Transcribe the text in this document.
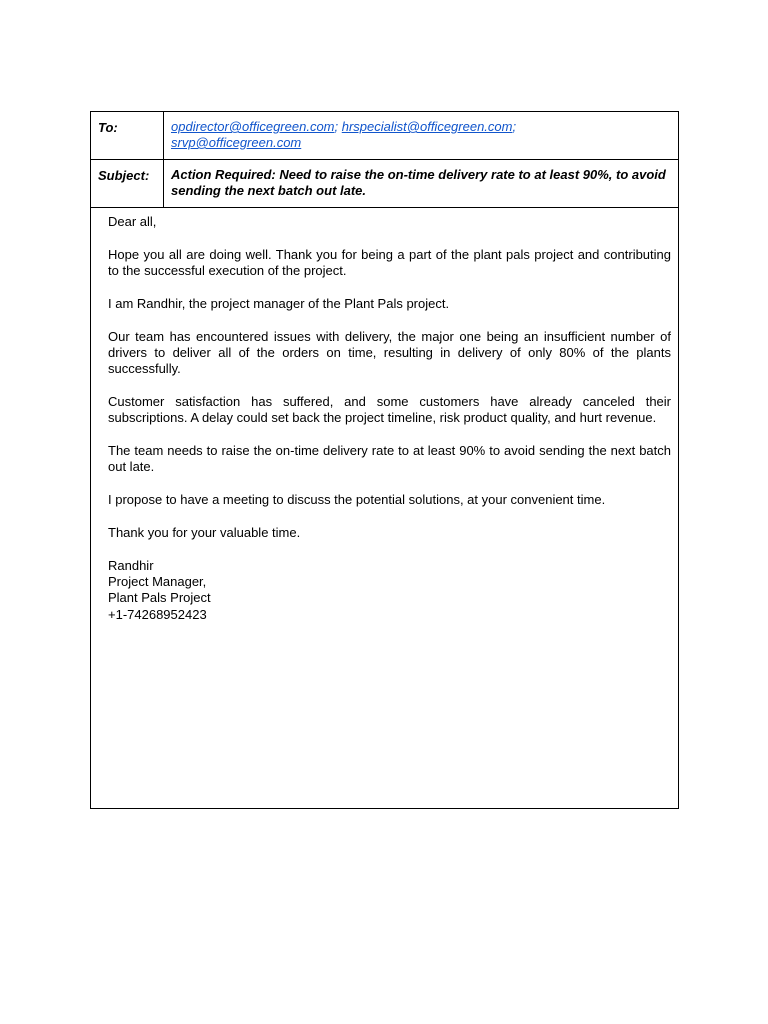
To:	opdirector@officegreen.com; hrspecialist@officegreen.com;
srvp@officegreen.com
Subject:	Action Required: Need to raise the on-time delivery rate to at least 90%, to avoid sending the next batch out late.

Dear all,

Hope you all are doing well. Thank you for being a part of the plant pals project and contributing to the successful execution of the project.

I am Randhir, the project manager of the Plant Pals project.

Our team has encountered issues with delivery, the major one being an insufficient number of drivers to deliver all of the orders on time, resulting in delivery of only 80% of the plants successfully.

Customer satisfaction has suffered, and some customers have already canceled their subscriptions. A delay could set back the project timeline, risk product quality, and hurt revenue.

The team needs to raise the on-time delivery rate to at least 90% to avoid sending the next batch out late.

I propose to have a meeting to discuss the potential solutions, at your convenient time.

Thank you for your valuable time.

Randhir
Project Manager,
Plant Pals Project
+1-74268952423
